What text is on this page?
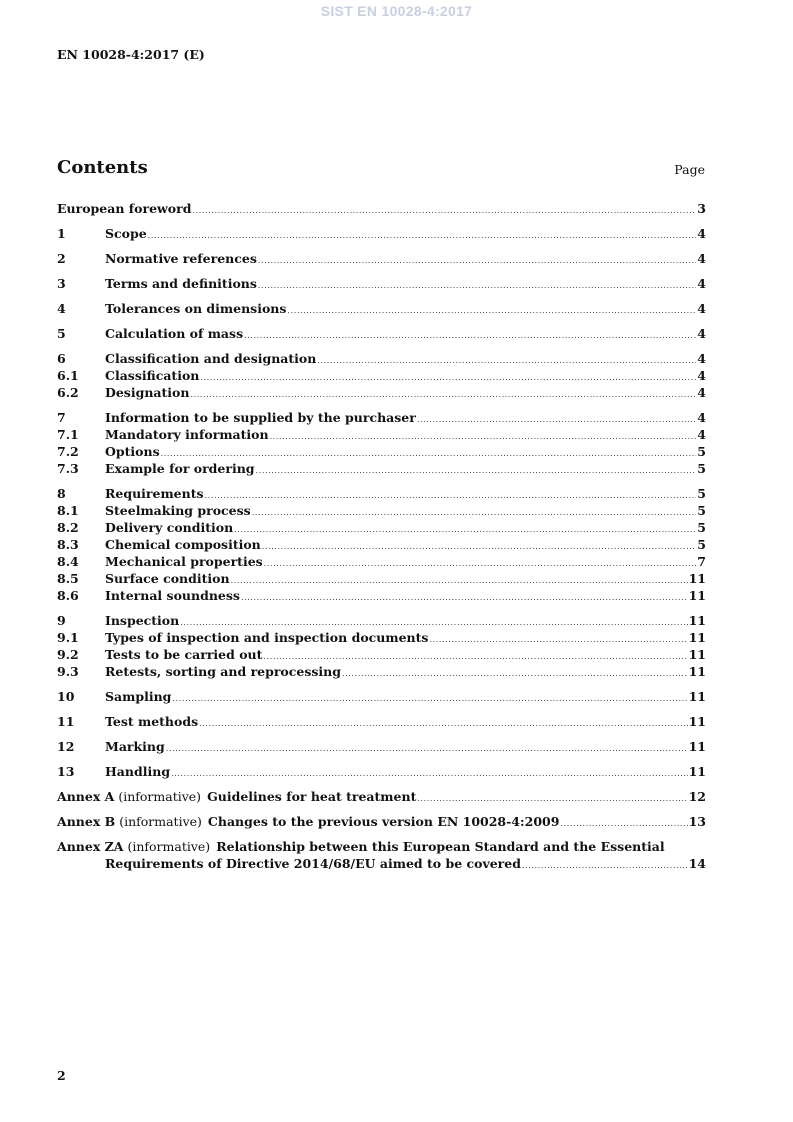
SIST EN 10028-4:2017
EN 10028-4:2017 (E)
Contents	Page
European foreword .....	3
1	Scope .....	4
2	Normative references .....	4
3	Terms and definitions .....	4
4	Tolerances on dimensions .....	4
5	Calculation of mass .....	4
6	Classification and designation .....	4
6.1	Classification .....	4
6.2	Designation .....	4
7	Information to be supplied by the purchaser .....	4
7.1	Mandatory information .....	4
7.2	Options .....	5
7.3	Example for ordering .....	5
8	Requirements .....	5
8.1	Steelmaking process .....	5
8.2	Delivery condition .....	5
8.3	Chemical composition .....	5
8.4	Mechanical properties .....	7
8.5	Surface condition .....	11
8.6	Internal soundness .....	11
9	Inspection .....	11
9.1	Types of inspection and inspection documents .....	11
9.2	Tests to be carried out .....	11
9.3	Retests, sorting and reprocessing .....	11
10	Sampling .....	11
11	Test methods .....	11
12	Marking .....	11
13	Handling .....	11
Annex A (informative) Guidelines for heat treatment .....	12
Annex B (informative) Changes to the previous version EN 10028-4:2009 .....	13
Annex ZA (informative) Relationship between this European Standard and the Essential
Requirements of Directive 2014/68/EU aimed to be covered .....	14
2
